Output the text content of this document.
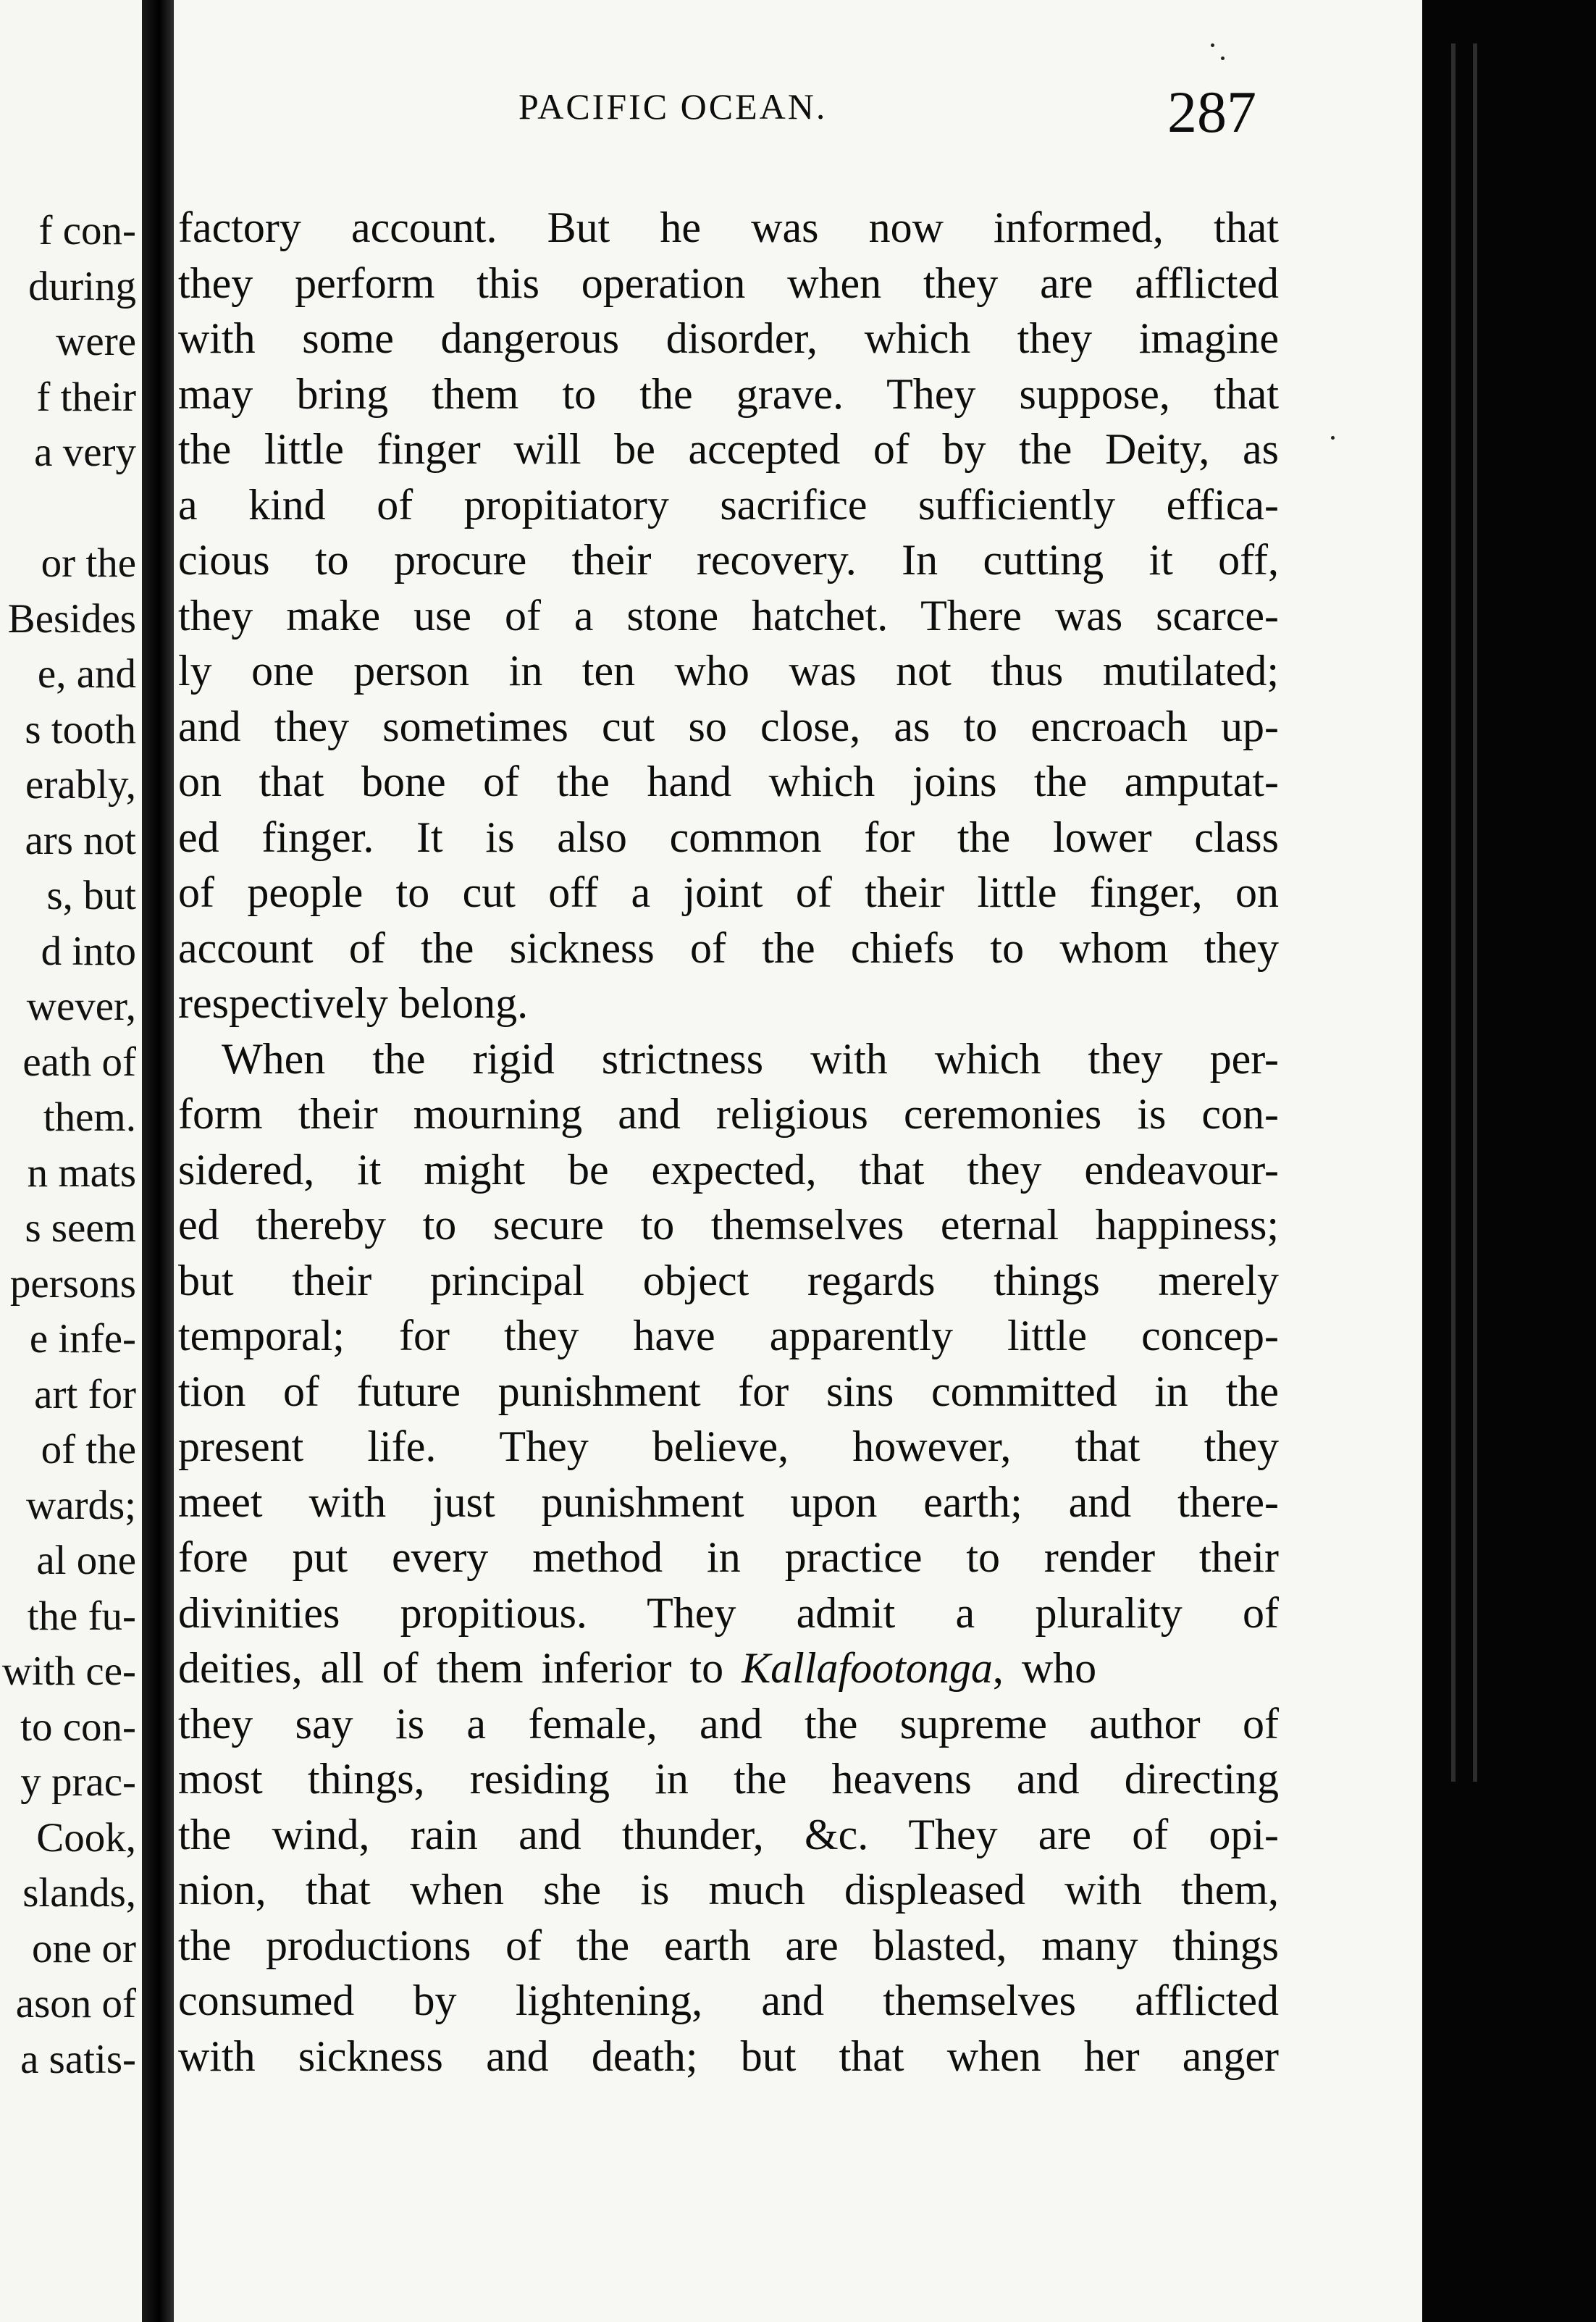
f con-
during
were
f their
a very
or the
Besides
e, and
s tooth
erably,
ars not
s, but
d into
wever,
eath of
them.
n mats
s seem
persons
e infe-
art for
of the
wards;
al one
the fu-
with ce-
to con-
y prac-
Cook,
slands,
one or
ason of
a satis-
PACIFIC OCEAN.	287
factory account. But he was now informed, that
they perform this operation when they are afflicted
with some dangerous disorder, which they imagine
may bring them to the grave. They suppose, that
the little finger will be accepted of by the Deity, as
a kind of propitiatory sacrifice sufficiently effica-
cious to procure their recovery. In cutting it off,
they make use of a stone hatchet. There was scarce-
ly one person in ten who was not thus mutilated;
and they sometimes cut so close, as to encroach up-
on that bone of the hand which joins the amputat-
ed finger. It is also common for the lower class
of people to cut off a joint of their little finger, on
account of the sickness of the chiefs to whom they
respectively belong.
When the rigid strictness with which they per-
form their mourning and religious ceremonies is con-
sidered, it might be expected, that they endeavour-
ed thereby to secure to themselves eternal happiness;
but their principal object regards things merely
temporal; for they have apparently little concep-
tion of future punishment for sins committed in the
present life. They believe, however, that they
meet with just punishment upon earth; and there-
fore put every method in practice to render their
divinities propitious. They admit a plurality of
deities, all of them inferior to Kallafootonga, who
they say is a female, and the supreme author of
most things, residing in the heavens and directing
the wind, rain and thunder, &c. They are of opi-
nion, that when she is much displeased with them,
the productions of the earth are blasted, many things
consumed by lightening, and themselves afflicted
with sickness and death; but that when her anger
